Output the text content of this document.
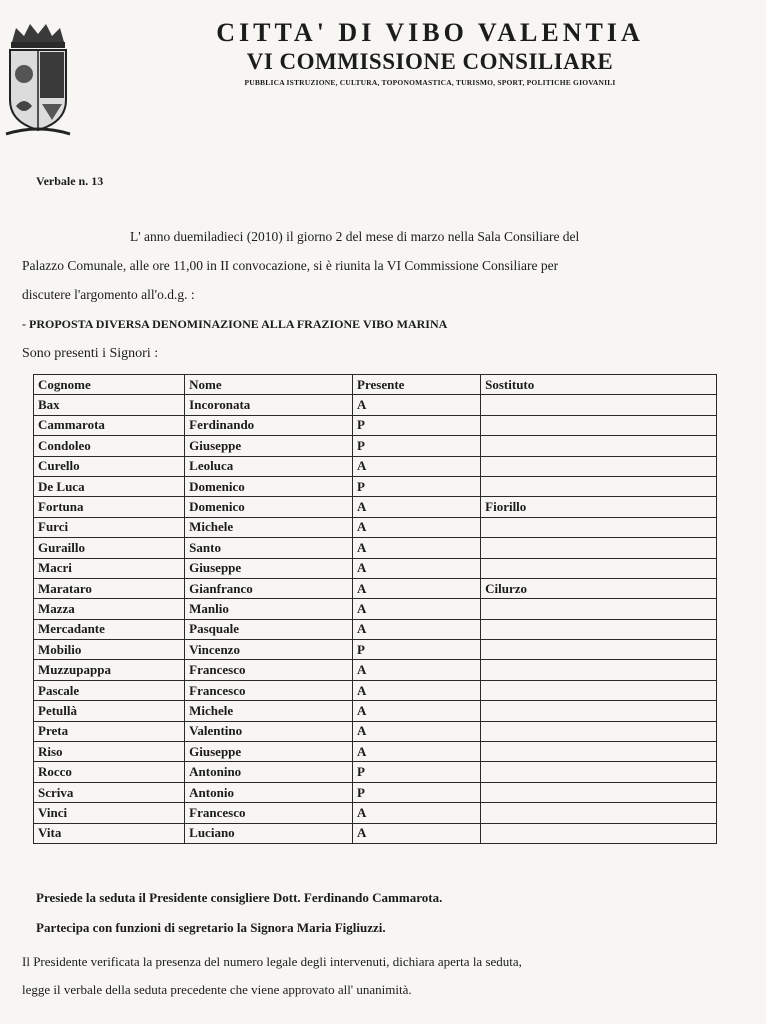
CITTA' DI VIBO VALENTIA

VI COMMISSIONE CONSILIARE

PUBBLICA ISTRUZIONE, CULTURA, TOPONOMASTICA, TURISMO, SPORT, POLITICHE GIOVANILI

Verbale n. 13
L' anno duemiladieci (2010) il giorno 2 del mese di marzo nella Sala Consiliare del
Palazzo Comunale, alle ore 11,00 in II convocazione, si è riunita la VI Commissione Consiliare per
discutere l'argomento all'o.d.g. :
- PROPOSTA DIVERSA DENOMINAZIONE ALLA FRAZIONE VIBO MARINA
Sono presenti i Signori :
Cognome	Nome	Presente	Sostituto
Bax	Incoronata	A	
Cammarota	Ferdinando	P	
Condoleo	Giuseppe	P	
Curello	Leoluca	A	
De Luca	Domenico	P	
Fortuna	Domenico	A	Fiorillo
Furci	Michele	A	
Guraillo	Santo	A	
Macri	Giuseppe	A	
Marataro	Gianfranco	A	Cilurzo
Mazza	Manlio	A	
Mercadante	Pasquale	A	
Mobilio	Vincenzo	P	
Muzzupappa	Francesco	A	
Pascale	Francesco	A	
Petullà	Michele	A	
Preta	Valentino	A	
Riso	Giuseppe	A	
Rocco	Antonino	P	
Scriva	Antonio	P	
Vinci	Francesco	A	
Vita	Luciano	A	
Presiede la seduta il Presidente consigliere Dott. Ferdinando Cammarota.
Partecipa con funzioni di segretario la Signora Maria Figliuzzi.
Il Presidente verificata la presenza del numero legale degli intervenuti, dichiara aperta la seduta,
legge il verbale della seduta precedente che viene approvato all' unanimità.
